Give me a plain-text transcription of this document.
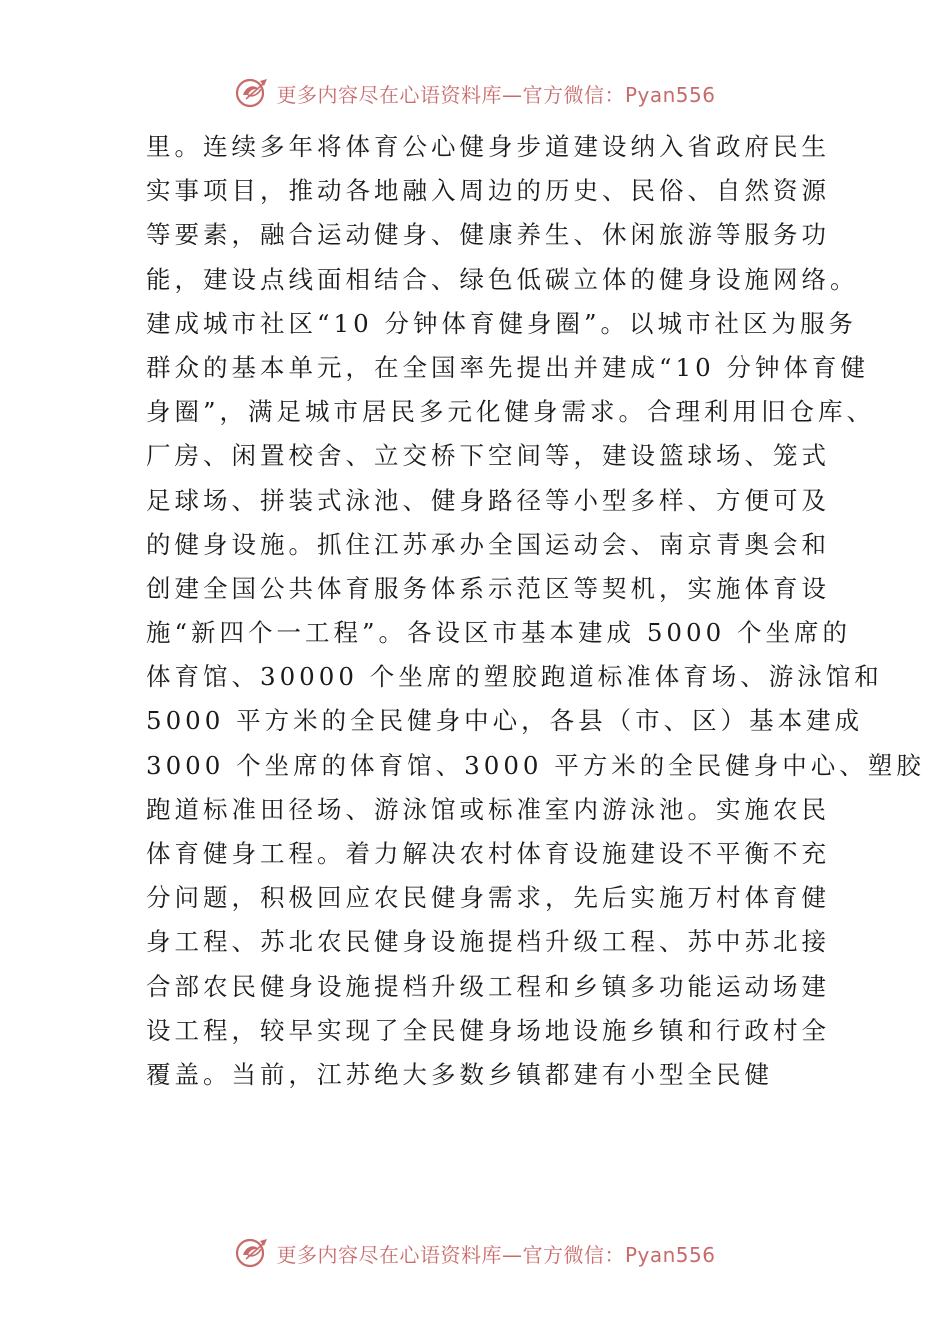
更多内容尽在心语资料库—官方微信：Pyan556
里。连续多年将体育公心健身步道建设纳入省政府民生
实事项目，推动各地融入周边的历史、民俗、自然资源
等要素，融合运动健身、健康养生、休闲旅游等服务功
能，建设点线面相结合、绿色低碳立体的健身设施网络。
建成城市社区“10 分钟体育健身圈”。以城市社区为服务
群众的基本单元，在全国率先提出并建成“10 分钟体育健
身圈”，满足城市居民多元化健身需求。合理利用旧仓库、
厂房、闲置校舍、立交桥下空间等，建设篮球场、笼式
足球场、拼装式泳池、健身路径等小型多样、方便可及
的健身设施。抓住江苏承办全国运动会、南京青奥会和
创建全国公共体育服务体系示范区等契机，实施体育设
施“新四个一工程”。各设区市基本建成 5000 个坐席的
体育馆、30000 个坐席的塑胶跑道标准体育场、游泳馆和
5000 平方米的全民健身中心，各县（市、区）基本建成
3000 个坐席的体育馆、3000 平方米的全民健身中心、塑胶
跑道标准田径场、游泳馆或标准室内游泳池。实施农民
体育健身工程。着力解决农村体育设施建设不平衡不充
分问题，积极回应农民健身需求，先后实施万村体育健
身工程、苏北农民健身设施提档升级工程、苏中苏北接
合部农民健身设施提档升级工程和乡镇多功能运动场建
设工程，较早实现了全民健身场地设施乡镇和行政村全
覆盖。当前，江苏绝大多数乡镇都建有小型全民健
更多内容尽在心语资料库—官方微信：Pyan556
